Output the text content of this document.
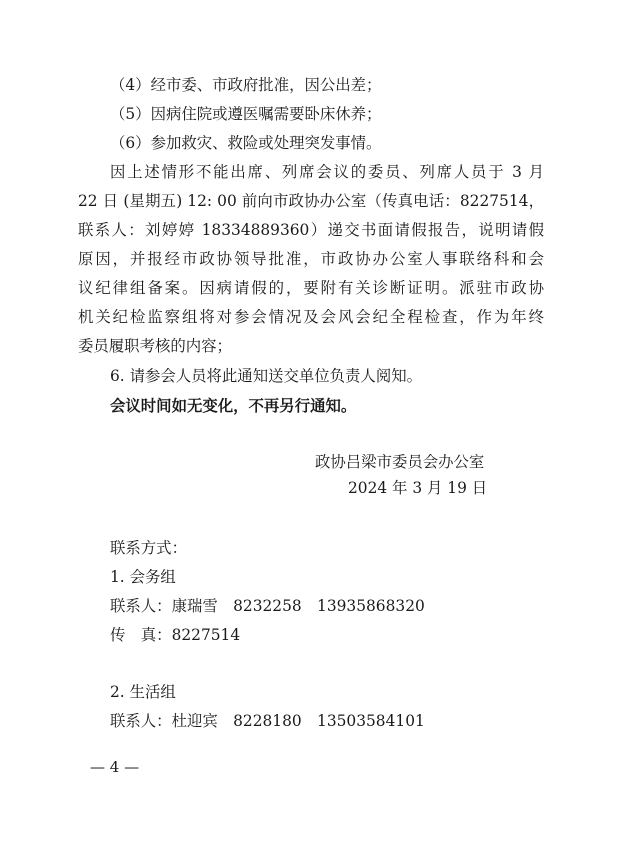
（4）经市委、市政府批准，因公出差；
（5）因病住院或遵医嘱需要卧床休养；
（6）参加救灾、救险或处理突发事情。
因上述情形不能出席、列席会议的委员、列席人员于 3 月
22 日 (星期五) 12: 00 前向市政协办公室（传真电话：8227514，
联系人：刘婷婷 18334889360）递交书面请假报告，说明请假
原因，并报经市政协领导批准，市政协办公室人事联络科和会
议纪律组备案。因病请假的，要附有关诊断证明。派驻市政协
机关纪检监察组将对参会情况及会风会纪全程检查，作为年终
委员履职考核的内容；
6. 请参会人员将此通知送交单位负责人阅知。
会议时间如无变化，不再另行通知。
政协吕梁市委员会办公室
2024 年 3 月 19 日
联系方式：
1. 会务组
联系人：康瑞雪　8232258　13935868320
传　真：8227514
2. 生活组
联系人：杜迎宾　8228180　13503584101
— 4 —
